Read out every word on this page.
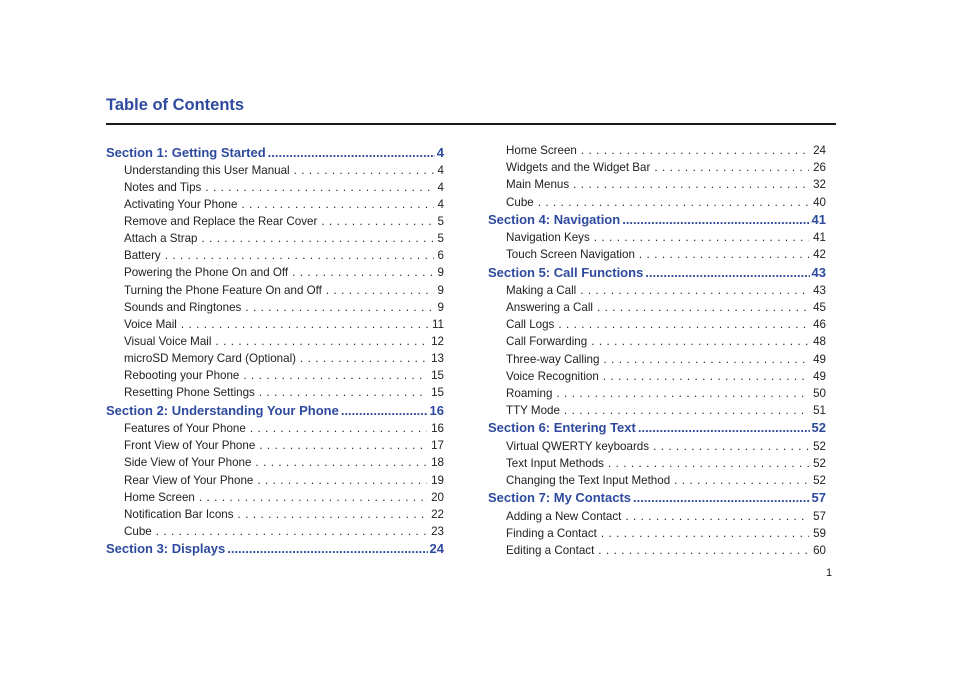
Table of Contents
Section 1: Getting Started .....	4
Understanding this User Manual . . .	4
Notes and Tips . . .	4
Activating Your Phone . . .	4
Remove and Replace the Rear Cover . . .	5
Attach a Strap . . .	5
Battery . . .	6
Powering the Phone On and Off . . .	9
Turning the Phone Feature On and Off . . .	9
Sounds and Ringtones . . .	9
Voice Mail . . .	11
Visual Voice Mail . . .	12
microSD Memory Card (Optional) . . .	13
Rebooting your Phone . . .	15
Resetting Phone Settings . . .	15
Section 2: Understanding Your Phone .....	16
Features of Your Phone . . .	16
Front View of Your Phone . . .	17
Side View of Your Phone . . .	18
Rear View of Your Phone . . .	19
Home Screen . . .	20
Notification Bar Icons . . .	22
Cube . . .	23
Section 3: Displays .....	24
Home Screen . . .	24
Widgets and the Widget Bar . . .	26
Main Menus . . .	32
Cube . . .	40
Section 4: Navigation .....	41
Navigation Keys . . .	41
Touch Screen Navigation . . .	42
Section 5: Call Functions .....	43
Making a Call . . .	43
Answering a Call . . .	45
Call Logs . . .	46
Call Forwarding . . .	48
Three-way Calling . . .	49
Voice Recognition . . .	49
Roaming . . .	50
TTY Mode . . .	51
Section 6: Entering Text .....	52
Virtual QWERTY keyboards . . .	52
Text Input Methods . . .	52
Changing the Text Input Method . . .	52
Section 7: My Contacts .....	57
Adding a New Contact . . .	57
Finding a Contact . . .	59
Editing a Contact . . .	60
1
